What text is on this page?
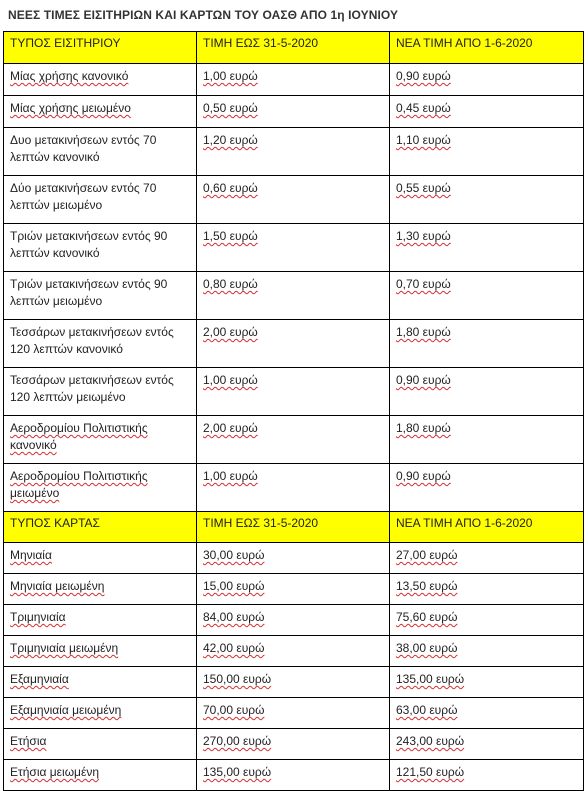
ΝΕΕΣ ΤΙΜΕΣ ΕΙΣΙΤΗΡΙΩΝ ΚΑΙ ΚΑΡΤΩΝ ΤΟΥ ΟΑΣΘ ΑΠΟ 1η ΙΟΥΝΙΟΥ
ΤΥΠΟΣ ΕΙΣΙΤΗΡΙΟΥ	ΤΙΜΗ ΕΩΣ 31-5-2020	ΝΕΑ ΤΙΜΗ ΑΠΟ 1-6-2020
Μίας χρήσης κανονικό	1,00 ευρώ	0,90 ευρώ
Μίας χρήσης μειωμένο	0,50 ευρώ	0,45 ευρώ
Δυο μετακινήσεων εντός 70 λεπτών κανονικό	1,20 ευρώ	1,10 ευρώ
Δύο μετακινήσεων εντός 70 λεπτών μειωμένο	0,60 ευρώ	0,55 ευρώ
Τριών μετακινήσεων εντός 90 λεπτών κανονικό	1,50 ευρώ	1,30 ευρώ
Τριών μετακινήσεων εντός 90 λεπτών μειωμένο	0,80 ευρώ	0,70 ευρώ
Τεσσάρων μετακινήσεων εντός 120 λεπτών κανονικό	2,00 ευρώ	1,80 ευρώ
Τεσσάρων μετακινήσεων εντός 120 λεπτών μειωμένο	1,00 ευρώ	0,90 ευρώ
Αεροδρομίου Πολιτιστικής κανονικό	2,00 ευρώ	1,80 ευρώ
Αεροδρομίου Πολιτιστικής μειωμένο	1,00 ευρώ	0,90 ευρώ
ΤΥΠΟΣ ΚΑΡΤΑΣ	ΤΙΜΗ ΕΩΣ 31-5-2020	ΝΕΑ ΤΙΜΗ ΑΠΟ 1-6-2020
Μηνιαία	30,00 ευρώ	27,00 ευρώ
Μηνιαία μειωμένη	15,00 ευρώ	13,50 ευρώ
Τριμηνιαία	84,00 ευρώ	75,60 ευρώ
Τριμηνιαία μειωμένη	42,00 ευρώ	38,00 ευρώ
Εξαμηνιαία	150,00 ευρώ	135,00 ευρώ
Εξαμηνιαία μειωμένη	70,00 ευρώ	63,00 ευρώ
Ετήσια	270,00 ευρώ	243,00 ευρώ
Ετήσια μειωμένη	135,00 ευρώ	121,50 ευρώ
